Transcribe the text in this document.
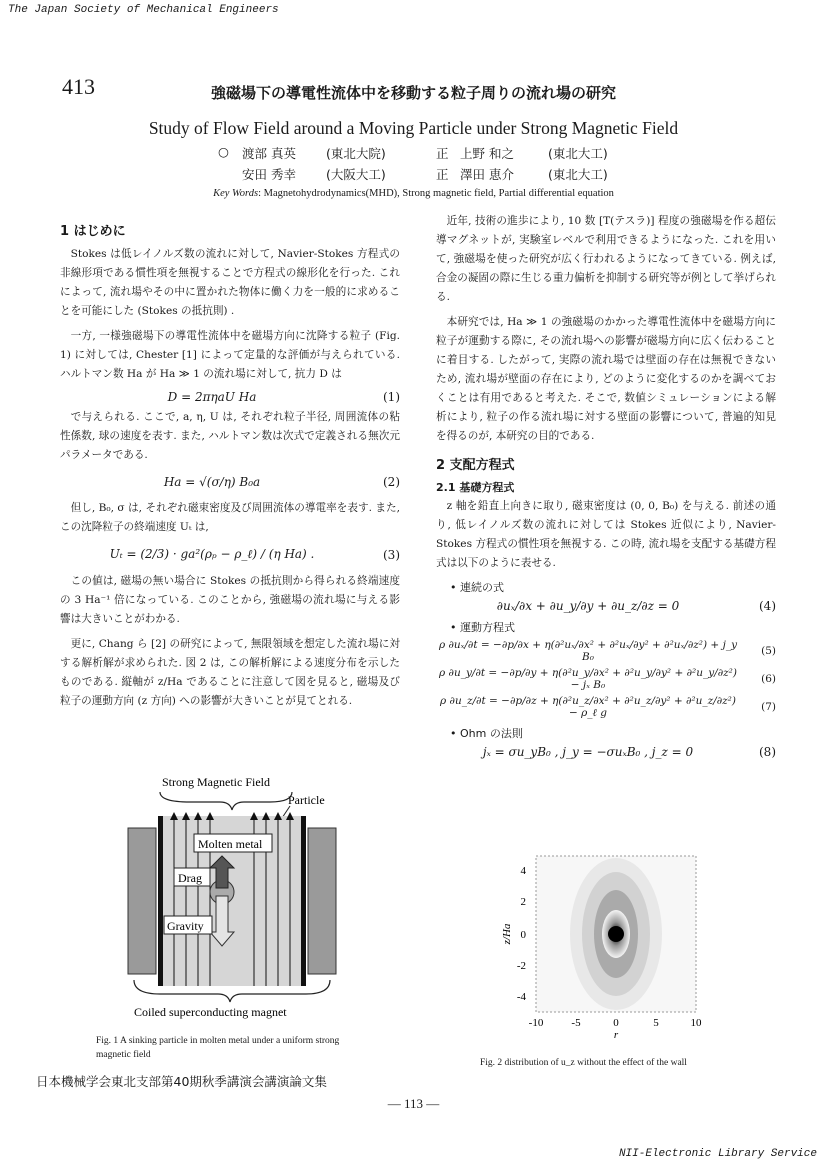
The Japan Society of Mechanical Engineers
NII-Electronic Library Service
413	強磁場下の導電性流体中を移動する粒子周りの流れ場の研究
Study of Flow Field around a Moving Particle under Strong Magnetic Field
○	渡部 真英	(東北大院)	正 上野 和之	(東北大工)
安田 秀幸	(大阪大工)	正 澤田 恵介	(東北大工)
Key Words: Magnetohydrodynamics(MHD), Strong magnetic field, Partial differential equation
1 はじめに

Stokes は低レイノルズ数の流れに対して, Navier-Stokes 方程式の非線形項である慣性項を無視することで方程式の線形化を行った. これによって, 流れ場やその中に置かれた物体に働く力を一般的に求めることを可能にした (Stokes の抵抗則) .

一方, 一様強磁場下の導電性流体中を磁場方向に沈降する粒子 (Fig. 1) に対しては, Chester [1] によって定量的な評価が与えられている. ハルトマン数 Ha が Ha ≫ 1 の流れ場に対して, 抗力 D は

D = 2πηaU Ha	(1)

で与えられる. ここで, a, η, U は, それぞれ粒子半径, 周囲流体の粘性係数, 球の速度を表す. また, ハルトマン数は次式で定義される無次元パラメータである.

Ha = √(σ/η) B₀a	(2)

但し, B₀, σ は, それぞれ磁束密度及び周囲流体の導電率を表す. また, この沈降粒子の終端速度 Uₜ は,

Uₜ = (2/3) · ga²(ρₚ − ρ_ℓ) / (η Ha) .	(3)

この値は, 磁場の無い場合に Stokes の抵抗則から得られる終端速度の 3 Ha⁻¹ 倍になっている. このことから, 強磁場の流れ場に与える影響は大きいことがわかる.

更に, Chang ら [2] の研究によって, 無限領域を想定した流れ場に対する解析解が求められた. 図 2 は, この解析解による速度分布を示したものである. 縦軸が z/Ha であることに注意して図を見ると, 磁場及び粒子の運動方向 (z 方向) への影響が大きいことが見てとれる.

Strong Magnetic Field
Particle
Molten metal
Drag
Gravity
Coiled superconducting magnet
Fig. 1 A sinking particle in molten metal under a uniform strong magnetic field
日本機械学会東北支部第40期秋季講演会講演論文集
— 113 —

近年, 技術の進歩により, 10 数 [T(テスラ)] 程度の強磁場を作る超伝導マグネットが, 実験室レベルで利用できるようになった. これを用いて, 強磁場を使った研究が広く行われるようになってきている. 例えば, 合金の凝固の際に生じる重力偏析を抑制する研究等が例として挙げられる.

本研究では, Ha ≫ 1 の強磁場のかかった導電性流体中を磁場方向に粒子が運動する際に, その流れ場への影響が磁場方向に広く伝わることに着目する. したがって, 実際の流れ場では壁面の存在は無視できないため, 流れ場が壁面の存在により, どのように変化するのかを調べておくことは有用であると考えた. そこで, 数値シミュレーションによる解析により, 粒子の作る流れ場に対する壁面の影響について, 普遍的知見を得るのが, 本研究の目的である.

2 支配方程式
2.1 基礎方程式

z 軸を鉛直上向きに取り, 磁束密度は (0, 0, B₀) を与える. 前述の通り, 低レイノルズ数の流れに対しては Stokes 近似により, Navier-Stokes 方程式の慣性項を無視する. この時, 流れ場を支配する基礎方程式は以下のように表せる.

• 連続の式
∂uₓ/∂x + ∂u_y/∂y + ∂u_z/∂z = 0	(4)
• 運動方程式
ρ ∂uₓ/∂t = −∂p/∂x + η(∂²uₓ/∂x² + ∂²uₓ/∂y² + ∂²uₓ/∂z²) + j_y B₀	(5)
ρ ∂u_y/∂t = −∂p/∂y + η(∂²u_y/∂x² + ∂²u_y/∂y² + ∂²u_y/∂z²) − jₓ B₀	(6)
ρ ∂u_z/∂t = −∂p/∂z + η(∂²u_z/∂x² + ∂²u_z/∂y² + ∂²u_z/∂z²) − ρ_ℓ g	(7)
• Ohm の法則
jₓ = σu_yB₀ , j_y = −σuₓB₀ , j_z = 0	(8)
4
2
0
-2
-4
z/Ha
-10	-5	0	5	10
r
Fig. 2 distribution of u_z without the effect of the wall
